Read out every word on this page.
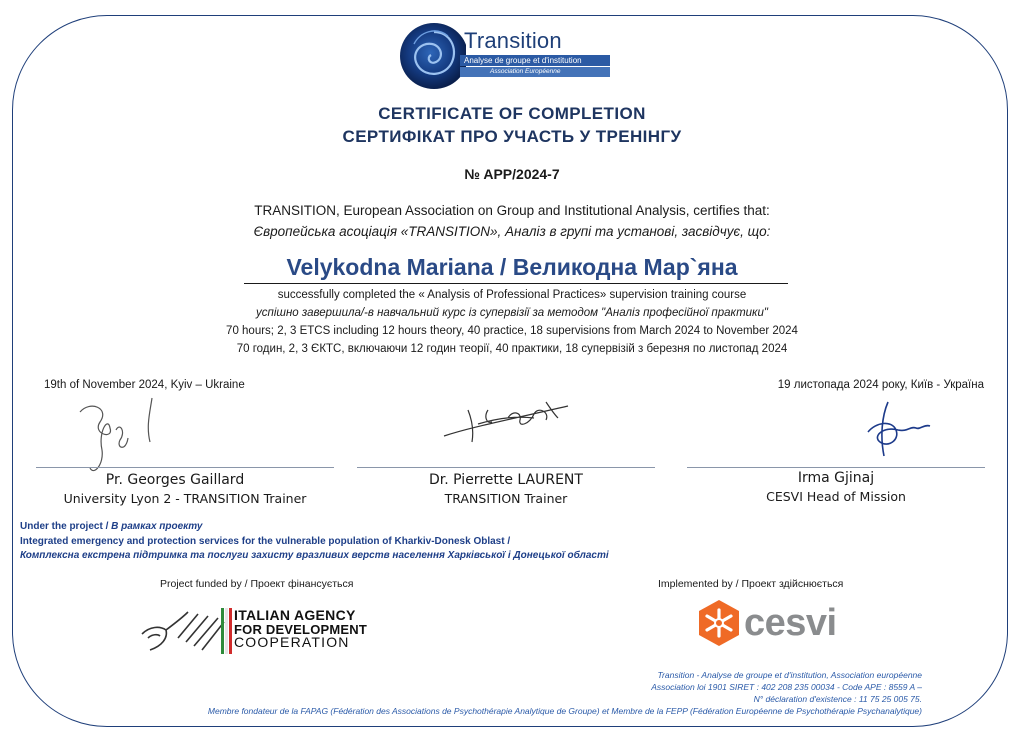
Transition
Analyse de groupe et d'institution
Association Européenne
CERTIFICATE OF COMPLETION
СЕРТИФІКАТ ПРО УЧАСТЬ У ТРЕНІНГУ
№ APP/2024-7
TRANSITION, European Association on Group and Institutional Analysis, certifies that:
Європейська асоціація «TRANSITION», Аналіз в групі та установі, засвідчує, що:
Velykodna Mariana / Великодна Мар`яна
successfully completed the « Analysis of Professional Practices» supervision training course
успішно завершила/-в навчальний курс із супервізії за методом "Аналіз професійної практики"
70 hours; 2, 3 ETCS including 12 hours theory, 40 practice, 18 supervisions from March 2024 to November 2024
70 годин, 2, 3 ЄКТС, включаючи 12 годин теорії, 40 практики, 18 супервізій з березня по листопад 2024
19th of November 2024, Kyiv – Ukraine	19 листопада 2024 року, Київ - Україна
Pr. Georges Gaillard
University Lyon 2 - TRANSITION Trainer
Dr. Pierrette LAURENT
TRANSITION Trainer
Irma Gjinaj
CESVI Head of Mission
Under the project / В рамках проекту
Integrated emergency and protection services for the vulnerable population of Kharkiv-Donesk Oblast /
Комплексна екстрена підтримка та послуги захисту вразливих верств населення Харківської і Донецької області
Project funded by / Проект фінансується	Implemented by / Проект здійснюється
ITALIAN AGENCY
FOR DEVELOPMENT
COOPERATION	cesvi
Transition - Analyse de groupe et d'institution, Association européenne
Association loi 1901 SIRET : 402 208 235 00034 - Code APE : 8559 A –
N° déclaration d'existence : 11 75 25 005 75.
Membre fondateur de la FAPAG (Fédération des Associations de Psychothérapie Analytique de Groupe) et Membre de la FEPP (Fédération Européenne de Psychothérapie Psychanalytique)
